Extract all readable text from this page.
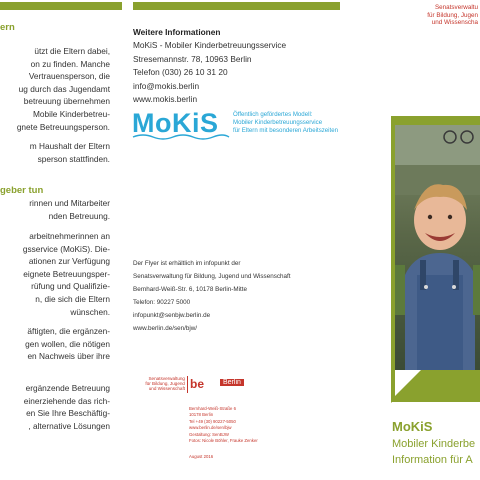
ern
ützt die Eltern dabei,
on zu finden. Manche
Vertrauensperson, die
ug durch das Jugendamt
betreuung übernehmen
Mobile Kinderbetreu-
gnete Betreuungsperson.
m Haushalt der Eltern
sperson stattfinden.
geber tun
rinnen und Mitarbeiter
nden Betreuung.
arbeitnehmerinnen an
gsservice (MoKiS). Die-
ationen zur Verfügung
eignete Betreuungsper-
rüfung und Qualifizie-
n, die sich die Eltern
wünschen.
äftigten, die ergänzen-
gen wollen, die nötigen
en Nachweis über ihre
ergänzende Betreuung
einerziehende das rich-
en Sie Ihre Beschäftig-
, alternative Lösungen
Weitere Informationen
MoKiS - Mobiler Kinderbetreuungsservice
Stresemannstr. 78, 10963 Berlin
Telefon (030) 26 10 31 20
info@mokis.berlin
www.mokis.berlin
MoKiS Öffentlich gefördertes Modell:
Mobiler Kinderbetreuungsservice
für Eltern mit besonderen Arbeitszeiten
Der Flyer ist erhältlich im infopunkt der
Senatsverwaltung für Bildung, Jugend und Wissenschaft
Bernhard-Weiß-Str. 6, 10178 Berlin-Mitte
Telefon: 90227 5000
infopunkt@senbjw.berlin.de
www.berlin.de/sen/bjw/
Senatsverwaltung
für Bildung, Jugend
und Wissenschaft be	Berlin
Bernhard-Weiß-Straße 6
10178 Berlin
Tel +49 (30) 90227-5050
www.berlin.de/sen/bjw
Gestaltung: SenBJW
Fotos: Nicole Böhler, Frauke Zenker
August 2016
Senatsverwaltu
für Bildung, Jugen
und Wissenscha
MoKiS
Mobiler Kinderbe
Information für A
